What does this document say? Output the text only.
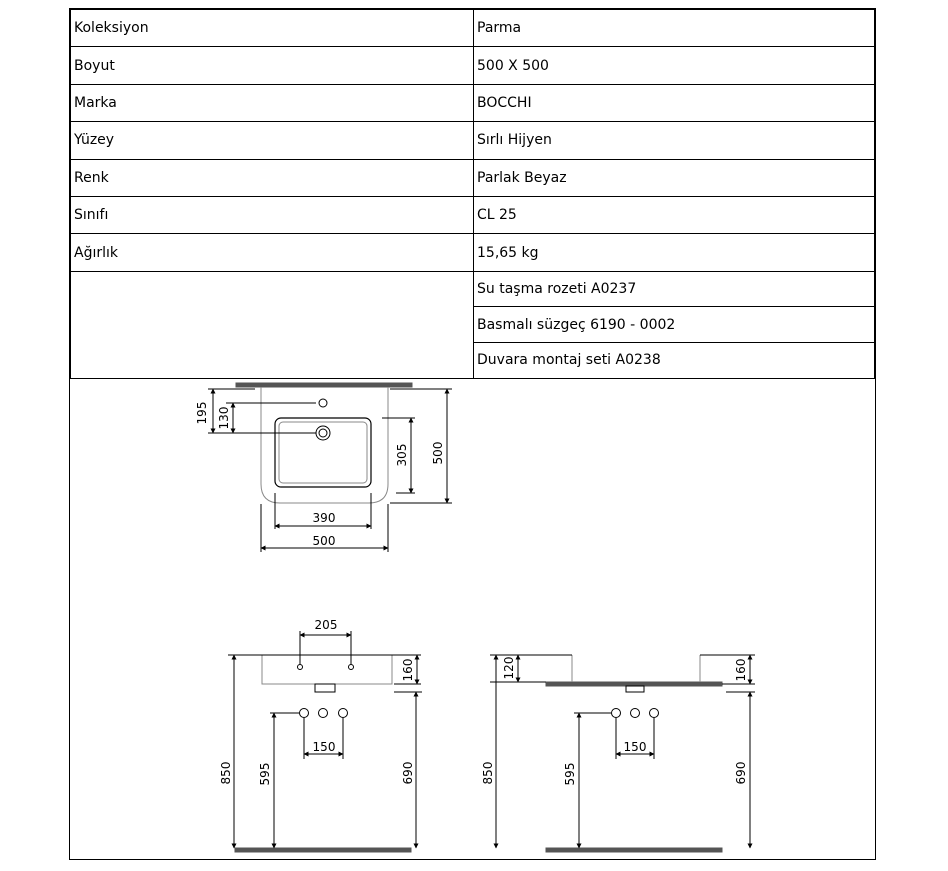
Koleksiyon	Parma
Boyut	500 X 500
Marka	BOCCHI
Yüzey	Sırlı Hijyen
Renk	Parlak Beyaz
Sınıfı	CL 25
Ağırlık	15,65 kg
	Su taşma rozeti A0237
	Basmalı süzgeç 6190 - 0002
	Duvara montaj seti A0238
195 130
305 500
390
500
205
160
150
850 595	690
120	160
150
850	595	690
